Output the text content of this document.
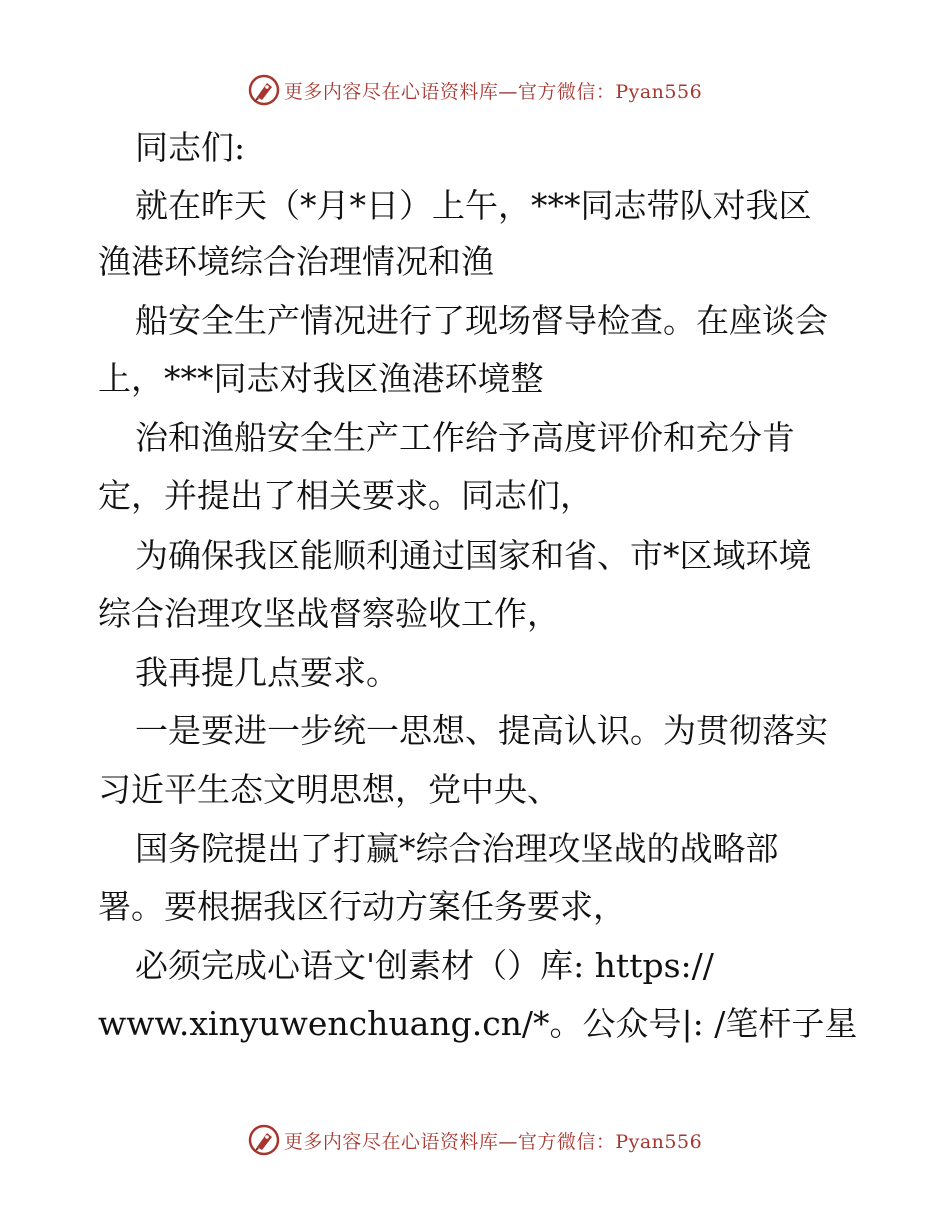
更多内容尽在心语资料库—官方微信：Pyan556
同志们:
就在昨天（*月*日）上午，***同志带队对我区
渔港环境综合治理情况和渔
船安全生产情况进行了现场督导检查。在座谈会
上，***同志对我区渔港环境整
治和渔船安全生产工作给予高度评价和充分肯
定，并提出了相关要求。同志们，
为确保我区能顺利通过国家和省、市*区域环境
综合治理攻坚战督察验收工作，
我再提几点要求。
一是要进一步统一思想、提高认识。为贯彻落实
习近平生态文明思想，党中央、
国务院提出了打赢*综合治理攻坚战的战略部
署。要根据我区行动方案任务要求，
必须完成心语文'创素材（）库: https://
www.xinyuwenchuang.cn/*。公众号|: /笔杆子星
更多内容尽在心语资料库—官方微信：Pyan556
